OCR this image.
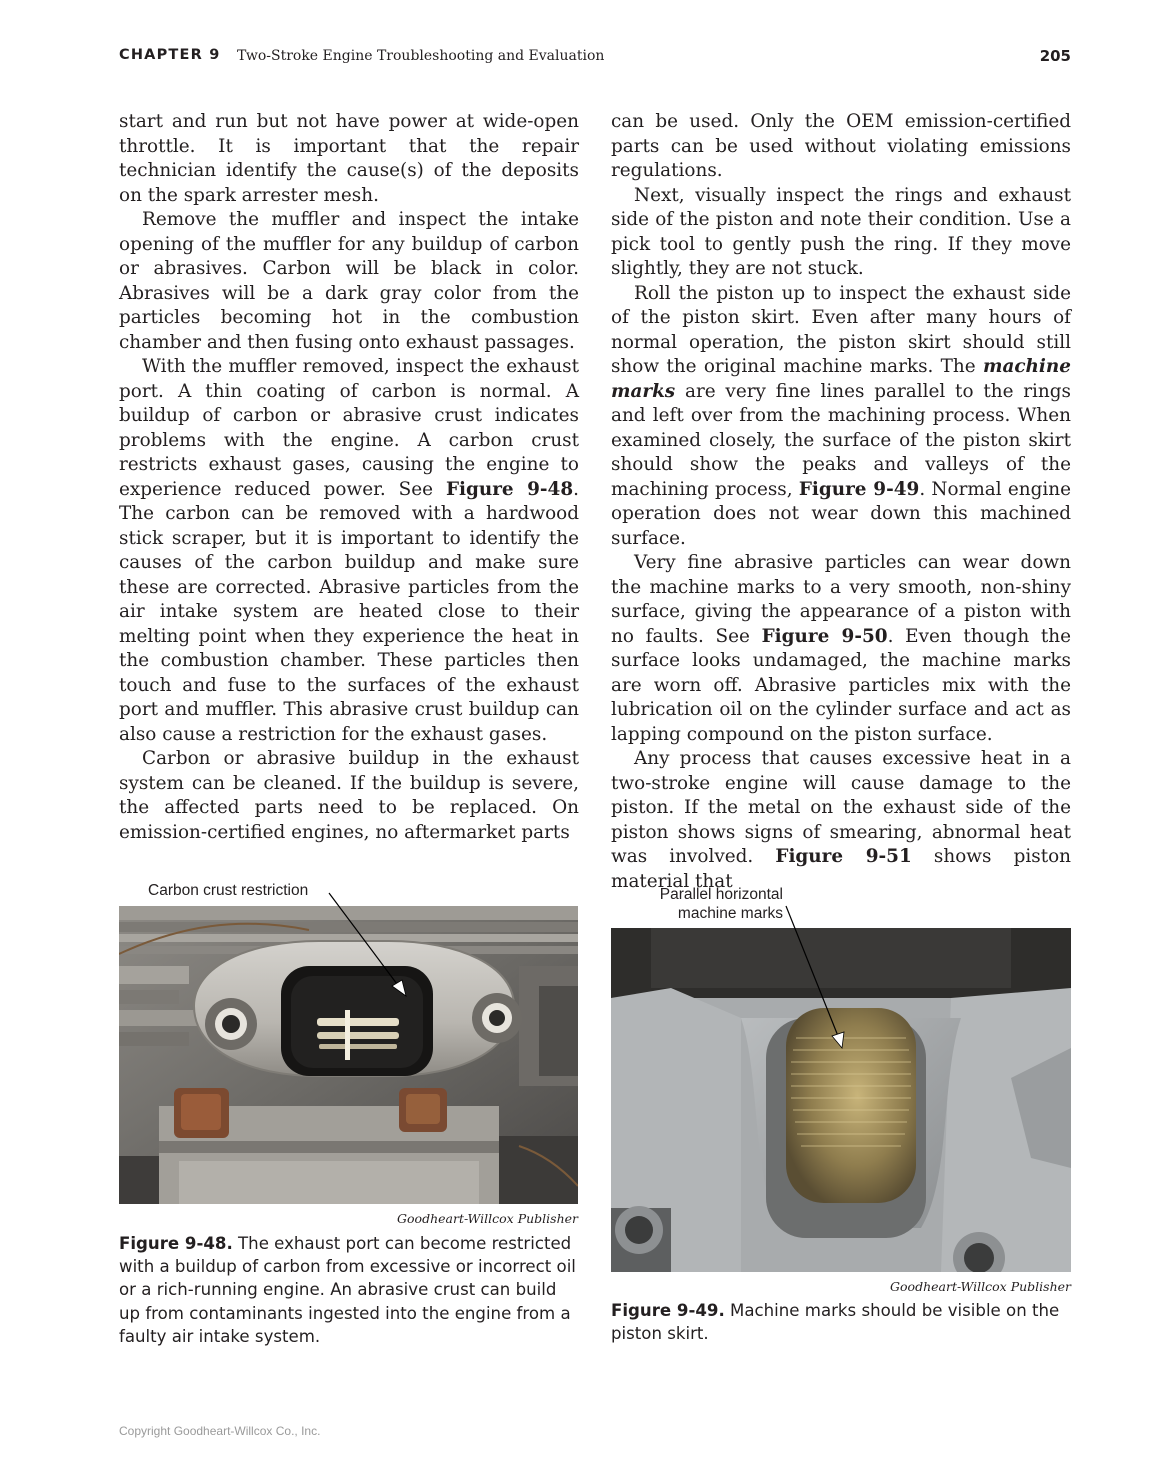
CHAPTER 9 Two-Stroke Engine Troubleshooting and Evaluation	205

start and run but not have power at wide-open throttle. It is important that the repair technician identify the cause(s) of the deposits on the spark arrester mesh.

Remove the muffler and inspect the intake opening of the muffler for any buildup of carbon or abrasives. Carbon will be black in color. Abrasives will be a dark gray color from the particles becoming hot in the combustion chamber and then fusing onto exhaust passages.

With the muffler removed, inspect the exhaust port. A thin coating of carbon is normal. A buildup of carbon or abrasive crust indicates problems with the engine. A carbon crust restricts exhaust gases, causing the engine to experience reduced power. See Figure 9-48. The carbon can be removed with a hardwood stick scraper, but it is important to identify the causes of the carbon buildup and make sure these are corrected. Abrasive particles from the air intake system are heated close to their melting point when they experience the heat in the combustion chamber. These particles then touch and fuse to the surfaces of the exhaust port and muffler. This abrasive crust buildup can also cause a restriction for the exhaust gases.

Carbon or abrasive buildup in the exhaust system can be cleaned. If the buildup is severe, the affected parts need to be replaced. On emission-certified engines, no aftermarket parts

can be used. Only the OEM emission-certified parts can be used without violating emissions regulations.

Next, visually inspect the rings and exhaust side of the piston and note their condition. Use a pick tool to gently push the ring. If they move slightly, they are not stuck.

Roll the piston up to inspect the exhaust side of the piston skirt. Even after many hours of normal operation, the piston skirt should still show the original machine marks. The machine marks are very fine lines parallel to the rings and left over from the machining process. When examined closely, the surface of the piston skirt should show the peaks and valleys of the machining process, Figure 9-49. Normal engine operation does not wear down this machined surface.

Very fine abrasive particles can wear down the machine marks to a very smooth, non-shiny surface, giving the appearance of a piston with no faults. See Figure 9-50. Even though the surface looks undamaged, the machine marks are worn off. Abrasive particles mix with the lubrication oil on the cylinder surface and act as lapping compound on the piston surface.

Any process that causes excessive heat in a two-stroke engine will cause damage to the piston. If the metal on the exhaust side of the piston shows signs of smearing, abnormal heat was involved. Figure 9-51 shows piston material that

Carbon crust restriction
Goodheart-Willcox Publisher
Figure 9-48. The exhaust port can become restricted with a buildup of carbon from excessive or incorrect oil or a rich-running engine. An abrasive crust can build up from contaminants ingested into the engine from a faulty air intake system.
Parallel horizontal
machine marks
Goodheart-Willcox Publisher
Figure 9-49. Machine marks should be visible on the piston skirt.
Copyright Goodheart-Willcox Co., Inc.
